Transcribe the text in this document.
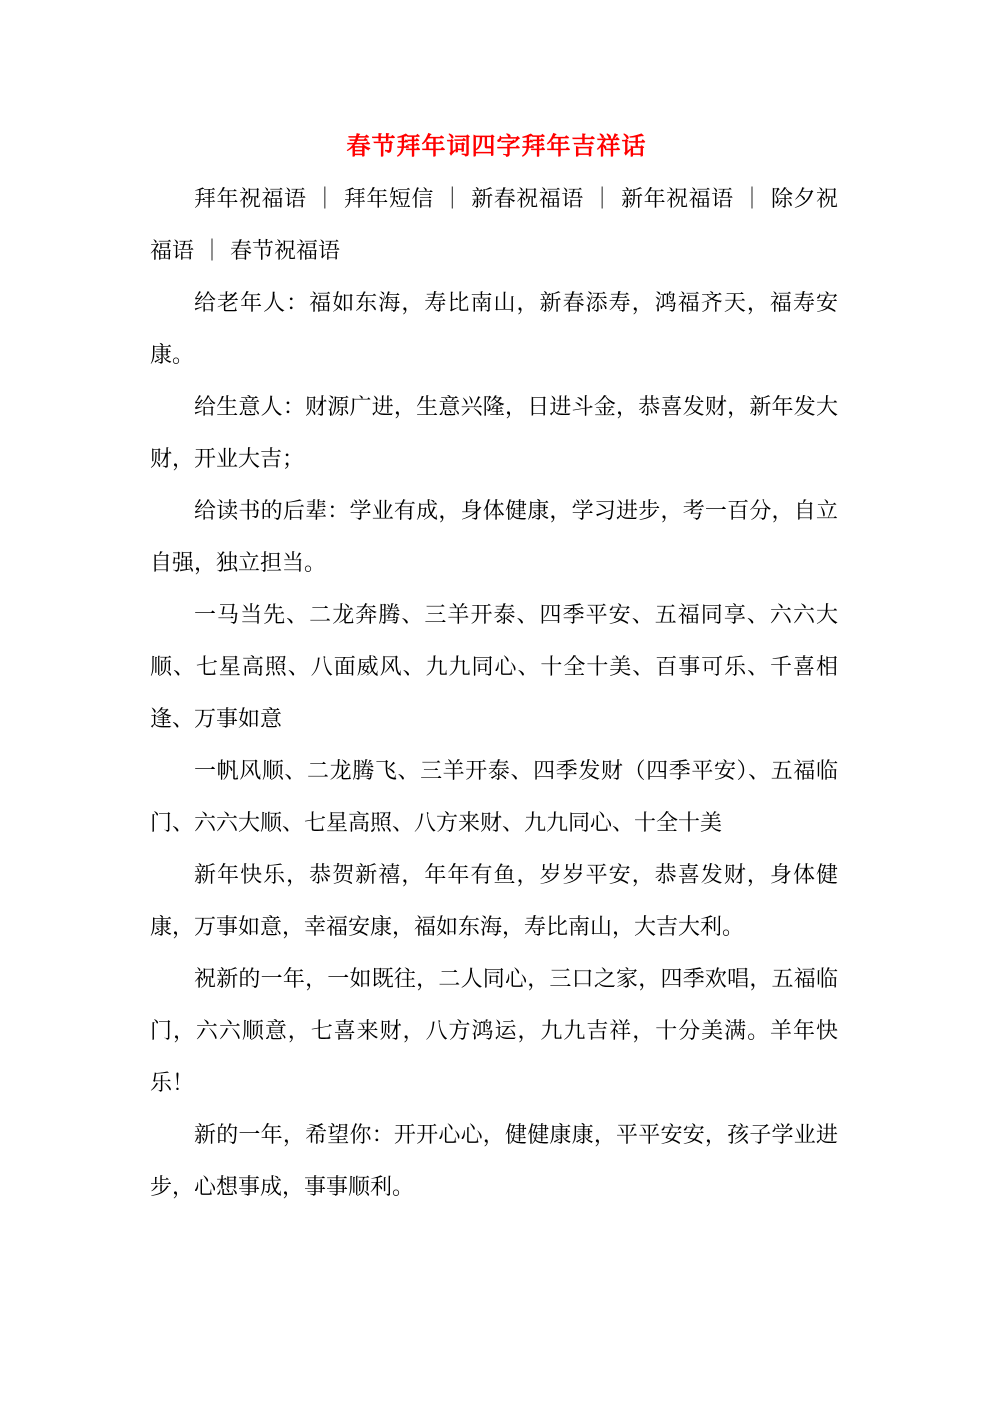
春节拜年词四字拜年吉祥话

拜年祝福语 ｜ 拜年短信 ｜ 新春祝福语 ｜ 新年祝福语 ｜ 除夕祝福语 ｜ 春节祝福语

给老年人：福如东海，寿比南山，新春添寿，鸿福齐天，福寿安康。

给生意人：财源广进，生意兴隆，日进斗金，恭喜发财，新年发大财，开业大吉；

给读书的后辈：学业有成，身体健康，学习进步，考一百分，自立自强，独立担当。

一马当先、二龙奔腾、三羊开泰、四季平安、五福同享、六六大顺、七星高照、八面威风、九九同心、十全十美、百事可乐、千喜相逢、万事如意

一帆风顺、二龙腾飞、三羊开泰、四季发财（四季平安）、五福临门、六六大顺、七星高照、八方来财、九九同心、十全十美

新年快乐，恭贺新禧，年年有鱼，岁岁平安，恭喜发财，身体健康，万事如意，幸福安康，福如东海，寿比南山，大吉大利。

祝新的一年，一如既往，二人同心，三口之家，四季欢唱，五福临门，六六顺意，七喜来财，八方鸿运，九九吉祥，十分美满。羊年快乐！

新的一年，希望你：开开心心，健健康康，平平安安，孩子学业进步，心想事成，事事顺利。
